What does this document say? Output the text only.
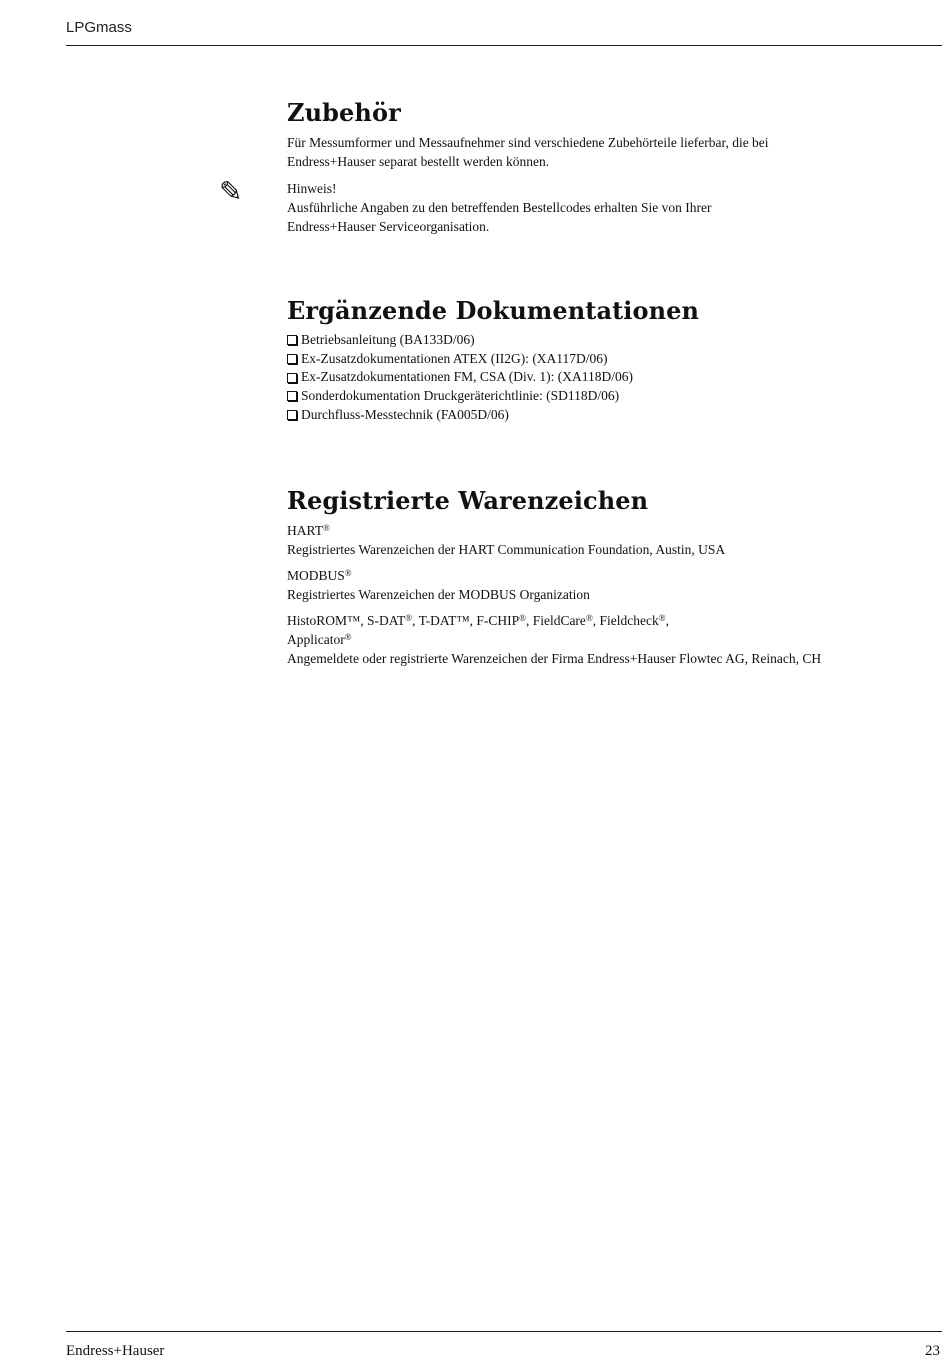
LPGmass
Zubehör

Für Messumformer und Messaufnehmer sind verschiedene Zubehörteile lieferbar, die bei

Endress+Hauser separat bestellt werden können.

Hinweis!

Ausführliche Angaben zu den betreffenden Bestellcodes erhalten Sie von Ihrer

Endress+Hauser Serviceorganisation.

✎
Ergänzende Dokumentationen
Betriebsanleitung (BA133D/06)
Ex-Zusatzdokumentationen ATEX (II2G): (XA117D/06)
Ex-Zusatzdokumentationen FM, CSA (Div. 1): (XA118D/06)
Sonderdokumentation Druckgeräterichtlinie: (SD118D/06)
Durchfluss-Messtechnik (FA005D/06)
Registrierte Warenzeichen

HART®

Registriertes Warenzeichen der HART Communication Foundation, Austin, USA

MODBUS®

Registriertes Warenzeichen der MODBUS Organization

HistoROM™, S-DAT®, T-DAT™, F-CHIP®, FieldCare®, Fieldcheck®,

Applicator®

Angemeldete oder registrierte Warenzeichen der Firma Endress+Hauser Flowtec AG, Reinach, CH

Endress+Hauser	23
